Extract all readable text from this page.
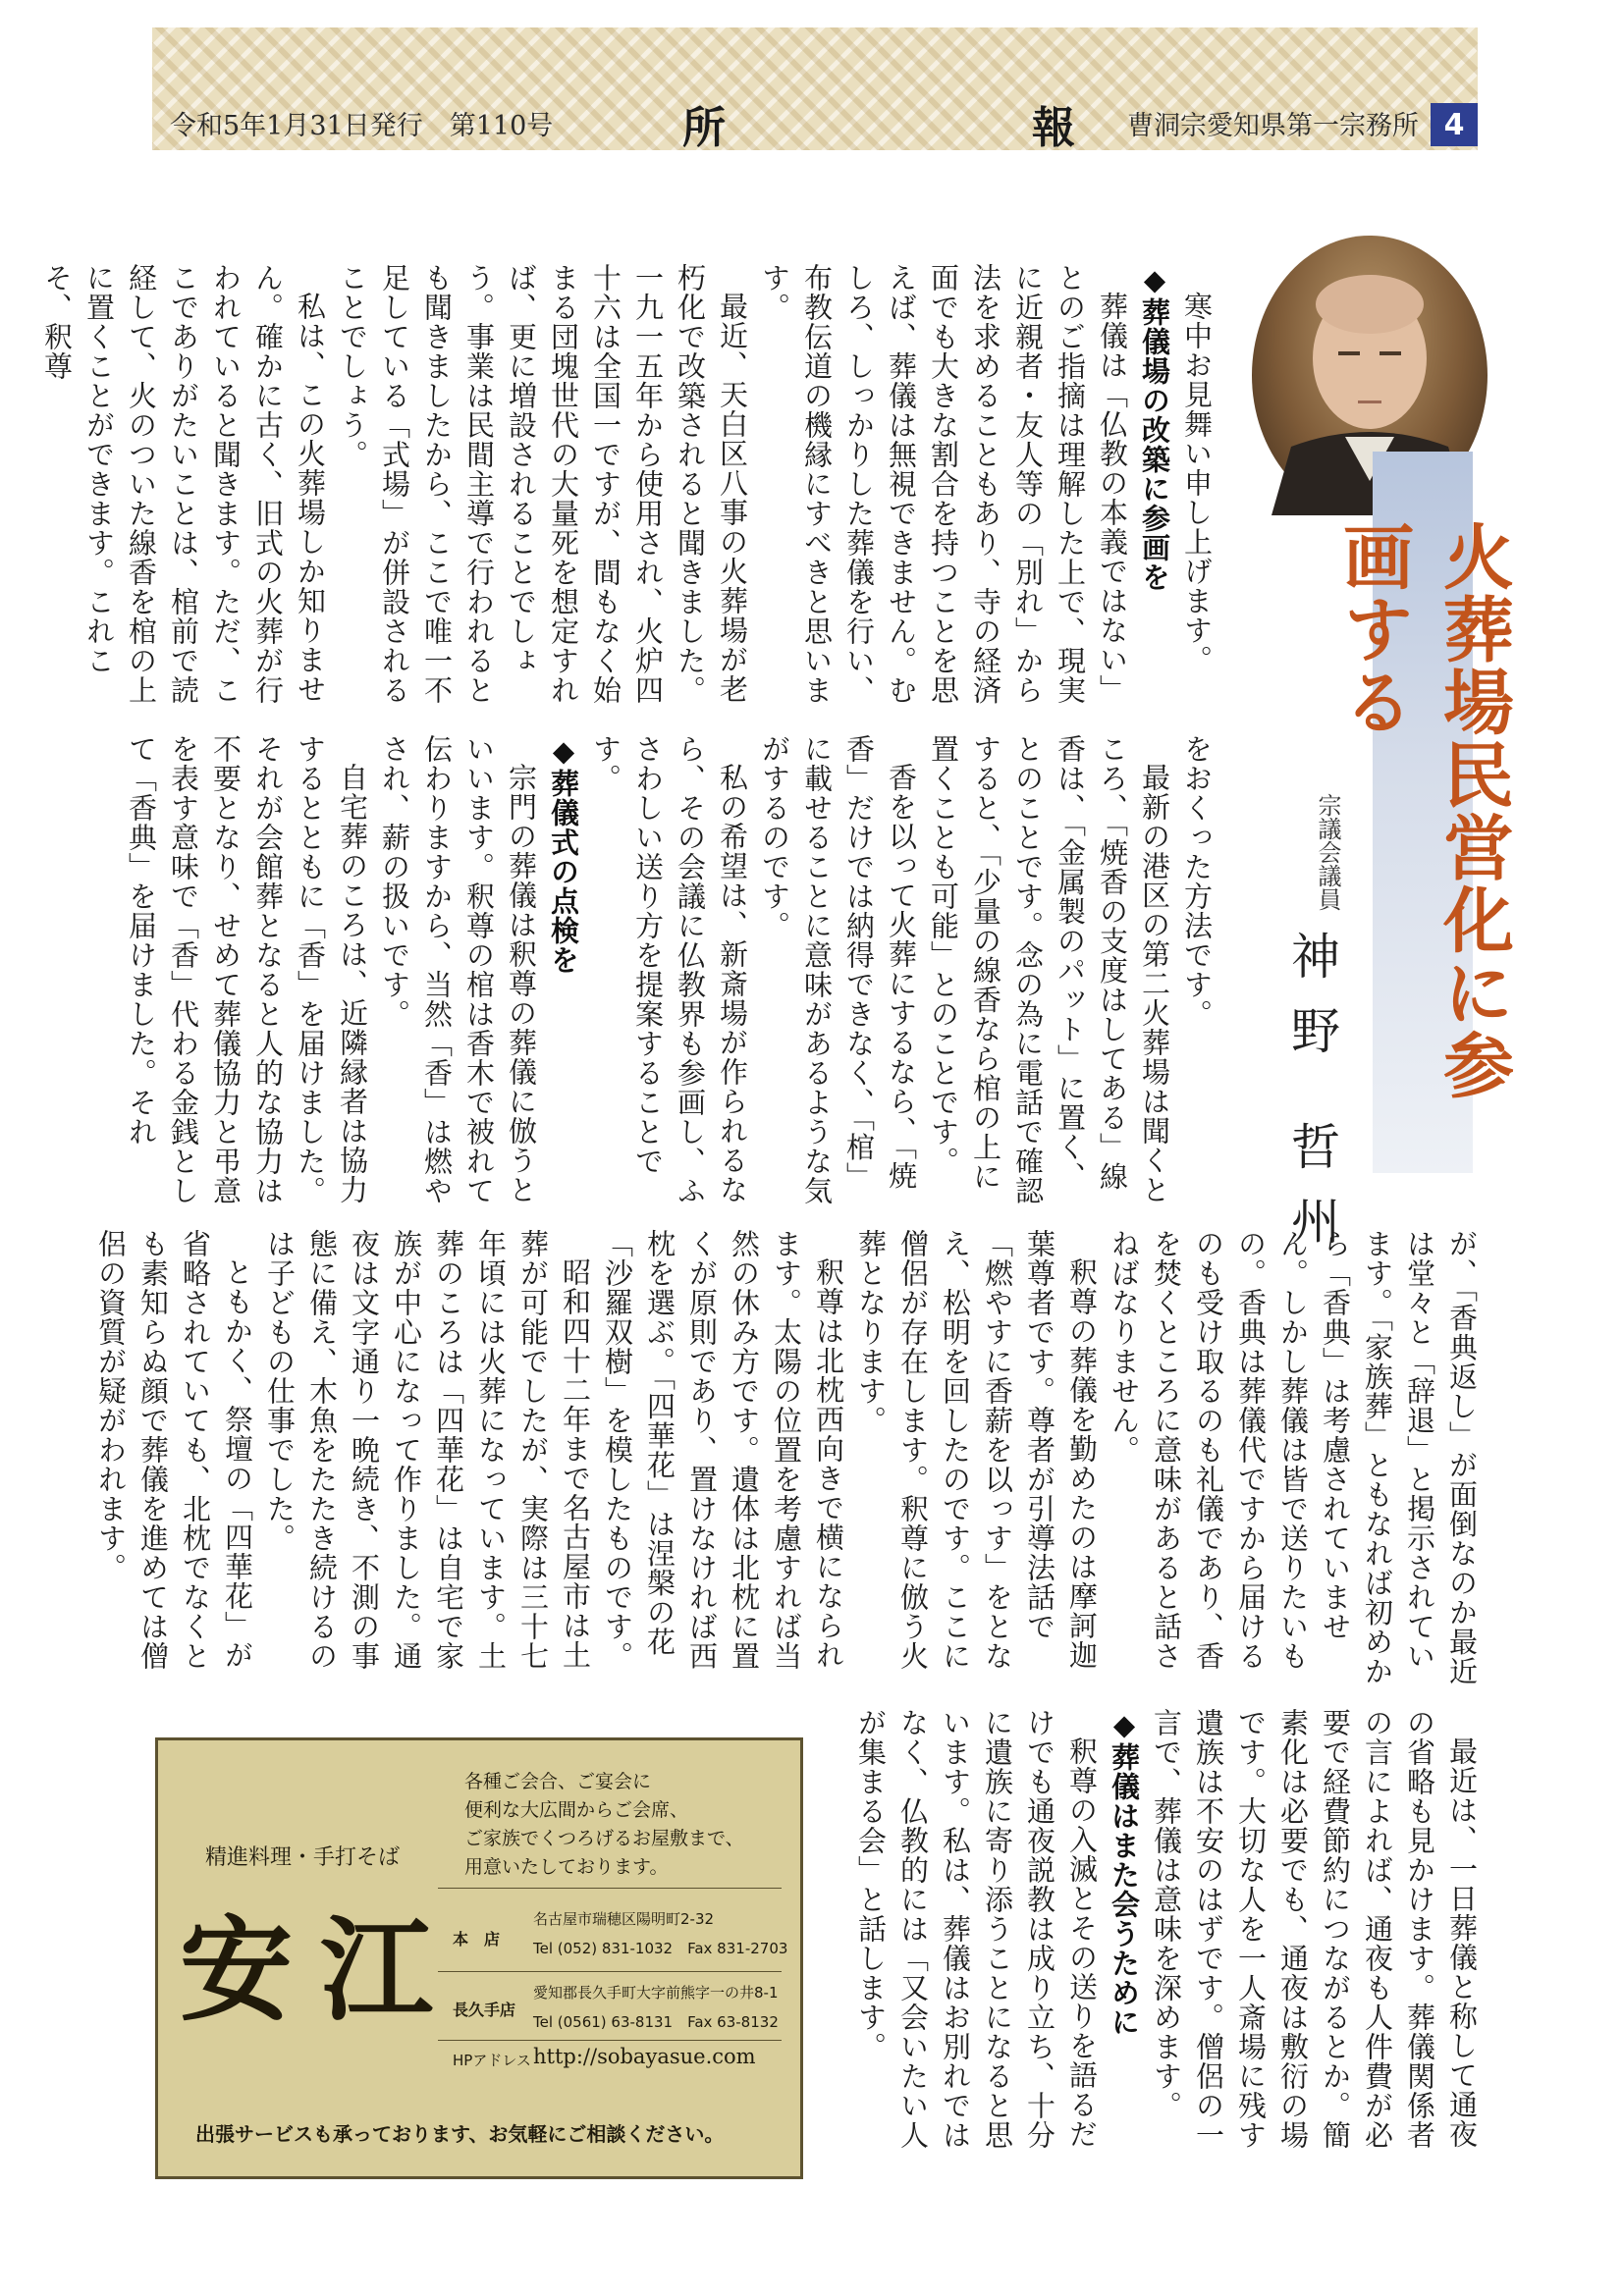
令和5年1月31日発行　第110号	所	報 曹洞宗愛知県第一宗務所 4
火葬場民営化に参画する
宗議会議員
神野 哲州

寒中お見舞い申し上げます。

◆葬儀場の改築に参画を

葬儀は「仏教の本義ではない」とのご指摘は理解した上で、現実に近親者・友人等の「別れ」から法を求めることもあり、寺の経済面でも大きな割合を持つことを思えば、葬儀は無視できません。むしろ、しっかりした葬儀を行い、布教伝道の機縁にすべきと思います。

最近、天白区八事の火葬場が老朽化で改築されると聞きました。一九一五年から使用され、火炉四十六は全国一ですが、間もなく始まる団塊世代の大量死を想定すれば、更に増設されることでしょう。事業は民間主導で行われるとも聞きましたから、ここで唯一不足している「式場」が併設されることでしょう。

私は、この火葬場しか知りません。確かに古く、旧式の火葬が行われていると聞きます。ただ、ここでありがたいことは、棺前で読経して、火のついた線香を棺の上に置くことができます。これこそ、釈尊

をおくった方法です。

最新の港区の第二火葬場は聞くところ、「焼香の支度はしてある」線香は、「金属製のパット」に置く、とのことです。念の為に電話で確認すると、「少量の線香なら棺の上に置くことも可能」とのことです。

香を以って火葬にするなら、「焼香」だけでは納得できなく、「棺」に載せることに意味があるような気がするのです。

私の希望は、新斎場が作られるなら、その会議に仏教界も参画し、ふさわしい送り方を提案することです。

◆葬儀式の点検を

宗門の葬儀は釈尊の葬儀に倣うといいます。釈尊の棺は香木で被れて伝わりますから、当然「香」は燃やされ、薪の扱いです。

自宅葬のころは、近隣縁者は協力するとともに「香」を届けました。それが会館葬となると人的な協力は不要となり、せめて葬儀協力と弔意を表す意味で「香」代わる金銭として「香典」を届けました。それ

が、「香典返し」が面倒なのか最近は堂々と「辞退」と掲示されています。「家族葬」ともなれば初めから「香典」は考慮されていません。しかし葬儀は皆で送りたいもの。香典は葬儀代ですから届けるのも受け取るのも礼儀であり、香を焚くところに意味があると話さねばなりません。

釈尊の葬儀を勤めたのは摩訶迦葉尊者です。尊者が引導法話で「燃やすに香薪を以っす」をとなえ、松明を回したのです。ここに僧侶が存在します。釈尊に倣う火葬となります。

釈尊は北枕西向きで横になられます。太陽の位置を考慮すれば当然の休み方です。遺体は北枕に置くが原則であり、置けなければ西枕を選ぶ。「四華花」は涅槃の花「沙羅双樹」を模したものです。

昭和四十二年まで名古屋市は土葬が可能でしたが、実際は三十七年頃には火葬になっています。土葬のころは「四華花」は自宅で家族が中心になって作りました。通夜は文字通り一晩続き、不測の事態に備え、木魚をたたき続けるのは子どもの仕事でした。

ともかく、祭壇の「四華花」が省略されていても、北枕でなくとも素知らぬ顔で葬儀を進めては僧侶の資質が疑がわれます。

最近は、一日葬儀と称して通夜の省略も見かけます。葬儀関係者の言によれば、通夜も人件費が必要で経費節約につながるとか。簡素化は必要でも、通夜は敷衍の場です。大切な人を一人斎場に残す遺族は不安のはずです。僧侶の一言で、葬儀は意味を深めます。

◆葬儀はまた会うために

釈尊の入滅とその送りを語るだけでも通夜説教は成り立ち、十分に遺族に寄り添うことになると思います。私は、葬儀はお別れではなく、仏教的には「又会いたい人が集まる会」と話します。

各種ご会合、ご宴会に
便利な大広間からご会席、
ご家族でくつろげるお屋敷まで、
用意いたしております。
精進料理・手打そば
安江
本　店
名古屋市瑞穂区陽明町2-32
Tel (052) 831-1032　Fax 831-2703
長久手店
愛知郡長久手町大字前熊字一の井8-1
Tel (0561) 63-8131　Fax 63-8132
HPアドレス http://sobayasue.com
出張サービスも承っております、お気軽にご相談ください。
